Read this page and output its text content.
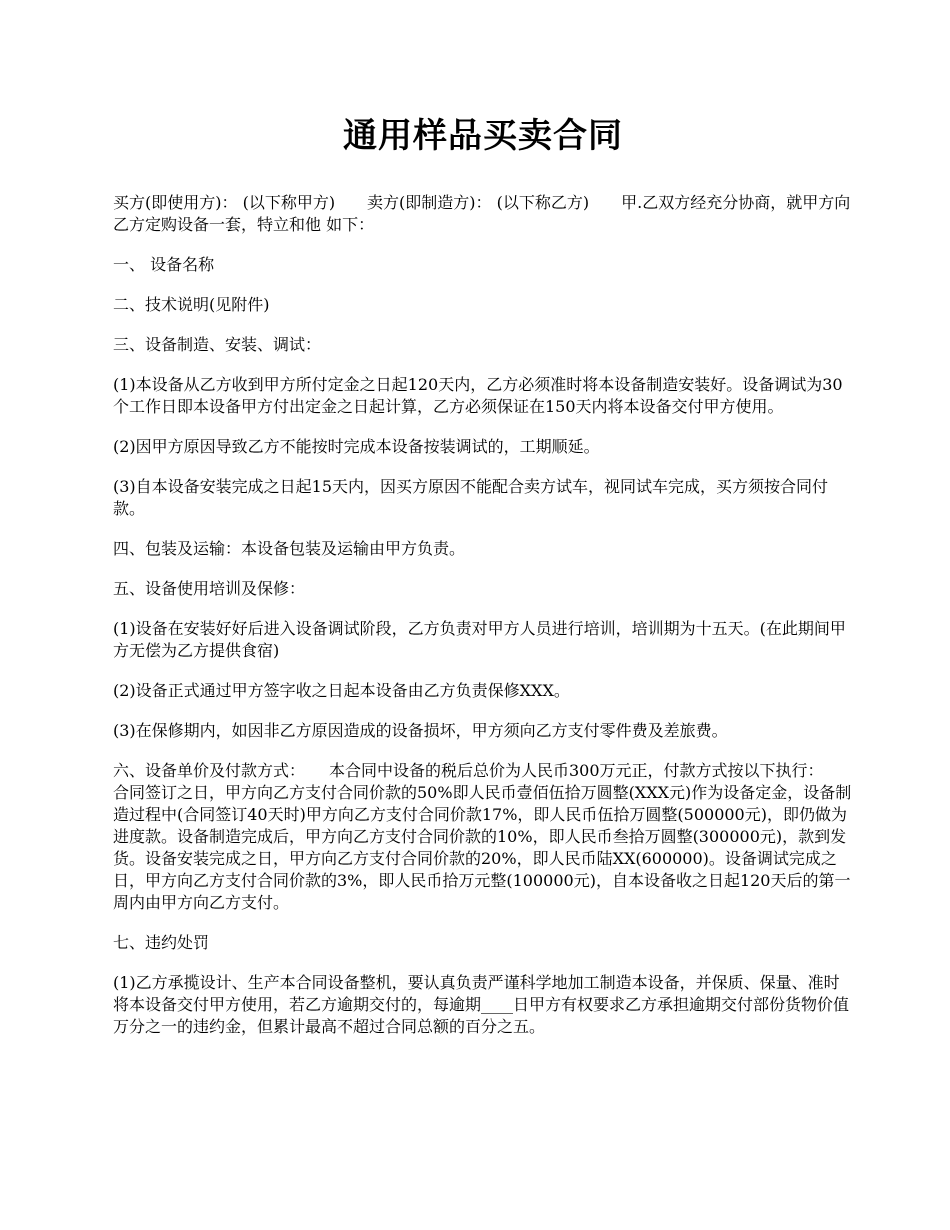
通用样品买卖合同

买方(即使用方)： (以下称甲方)　　卖方(即制造方)： (以下称乙方)　　甲.乙双方经充分协商，就甲方向乙方定购设备一套，特立和他 如下：

一、 设备名称

二、技术说明(见附件)

三、设备制造、安装、调试：

(1)本设备从乙方收到甲方所付定金之日起120天内，乙方必须准时将本设备制造安装好。设备调试为30个工作日即本设备甲方付出定金之日起计算，乙方必须保证在150天内将本设备交付甲方使用。

(2)因甲方原因导致乙方不能按时完成本设备按装调试的，工期顺延。

(3)自本设备安装完成之日起15天内，因买方原因不能配合卖方试车，视同试车完成，买方须按合同付款。

四、包装及运输：本设备包装及运输由甲方负责。

五、设备使用培训及保修：

(1)设备在安装好好后进入设备调试阶段，乙方负责对甲方人员进行培训，培训期为十五天。(在此期间甲方无偿为乙方提供食宿)

(2)设备正式通过甲方签字收之日起本设备由乙方负责保修XXX。

(3)在保修期内，如因非乙方原因造成的设备损坏，甲方须向乙方支付零件费及差旅费。

六、设备单价及付款方式：　　本合同中设备的税后总价为人民币300万元正，付款方式按以下执行：　　合同签订之日，甲方向乙方支付合同价款的50%即人民币壹佰伍拾万圆整(XXX元)作为设备定金，设备制造过程中(合同签订40天时)甲方向乙方支付合同价款17%，即人民币伍拾万圆整(500000元)，即仍做为进度款。设备制造完成后，甲方向乙方支付合同价款的10%，即人民币叁拾万圆整(300000元)，款到发货。设备安装完成之日，甲方向乙方支付合同价款的20%，即人民币陆XX(600000)。设备调试完成之日，甲方向乙方支付合同价款的3%，即人民币拾万元整(100000元)，自本设备收之日起120天后的第一周内由甲方向乙方支付。

七、违约处罚

(1)乙方承揽设计、生产本合同设备整机，要认真负责严谨科学地加工制造本设备，并保质、保量、准时将本设备交付甲方使用，若乙方逾期交付的，每逾期____日甲方有权要求乙方承担逾期交付部份货物价值万分之一的违约金，但累计最高不超过合同总额的百分之五。
